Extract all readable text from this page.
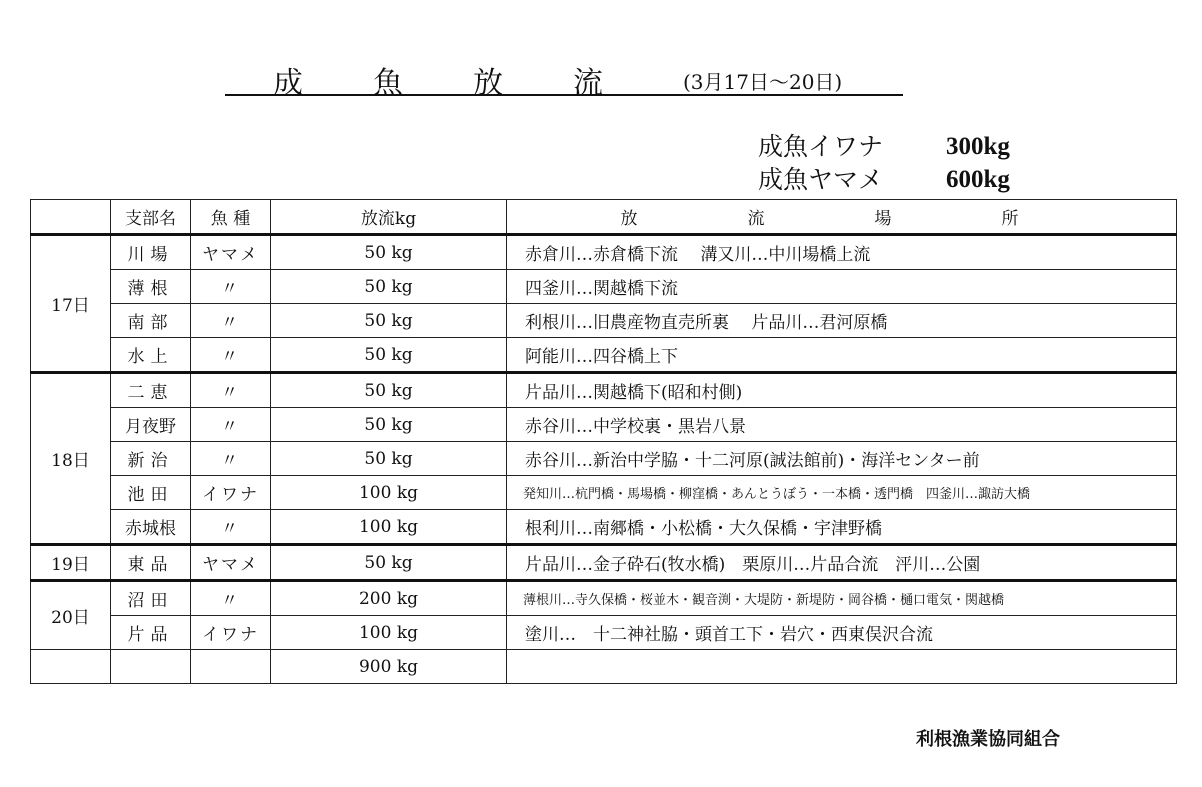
成魚放流 (3月17日～20日)
成魚イワナ	300kg
成魚ヤマメ	600kg
	支部名	魚 種	放流kg	放流場所
17日	川場	ヤマメ	50 kg	赤倉川…赤倉橋下流　 溝又川…中川場橋上流
	薄根	〃	50 kg	四釜川…関越橋下流
	南部	〃	50 kg	利根川…旧農産物直売所裏　 片品川…君河原橋
	水上	〃	50 kg	阿能川…四谷橋上下
18日	二恵	〃	50 kg	片品川…関越橋下(昭和村側)
	月夜野	〃	50 kg	赤谷川…中学校裏・黒岩八景
	新治	〃	50 kg	赤谷川…新治中学脇・十二河原(誠法館前)・海洋センター前
	池田	イワナ	100 kg	発知川…杭門橋・馬場橋・柳窪橋・あんとうぼう・一本橋・透門橋　四釜川…諏訪大橋
	赤城根	〃	100 kg	根利川…南郷橋・小松橋・大久保橋・宇津野橋
19日	東品	ヤマメ	50 kg	片品川…金子砕石(牧水橋)　栗原川…片品合流　泙川…公園
20日	沼田	〃	200 kg	薄根川…寺久保橋・桜並木・観音渕・大堤防・新堤防・岡谷橋・樋口電気・関越橋
	片品	イワナ	100 kg	塗川…　十二神社脇・頭首工下・岩穴・西東俣沢合流
			900 kg	
利根漁業協同組合
